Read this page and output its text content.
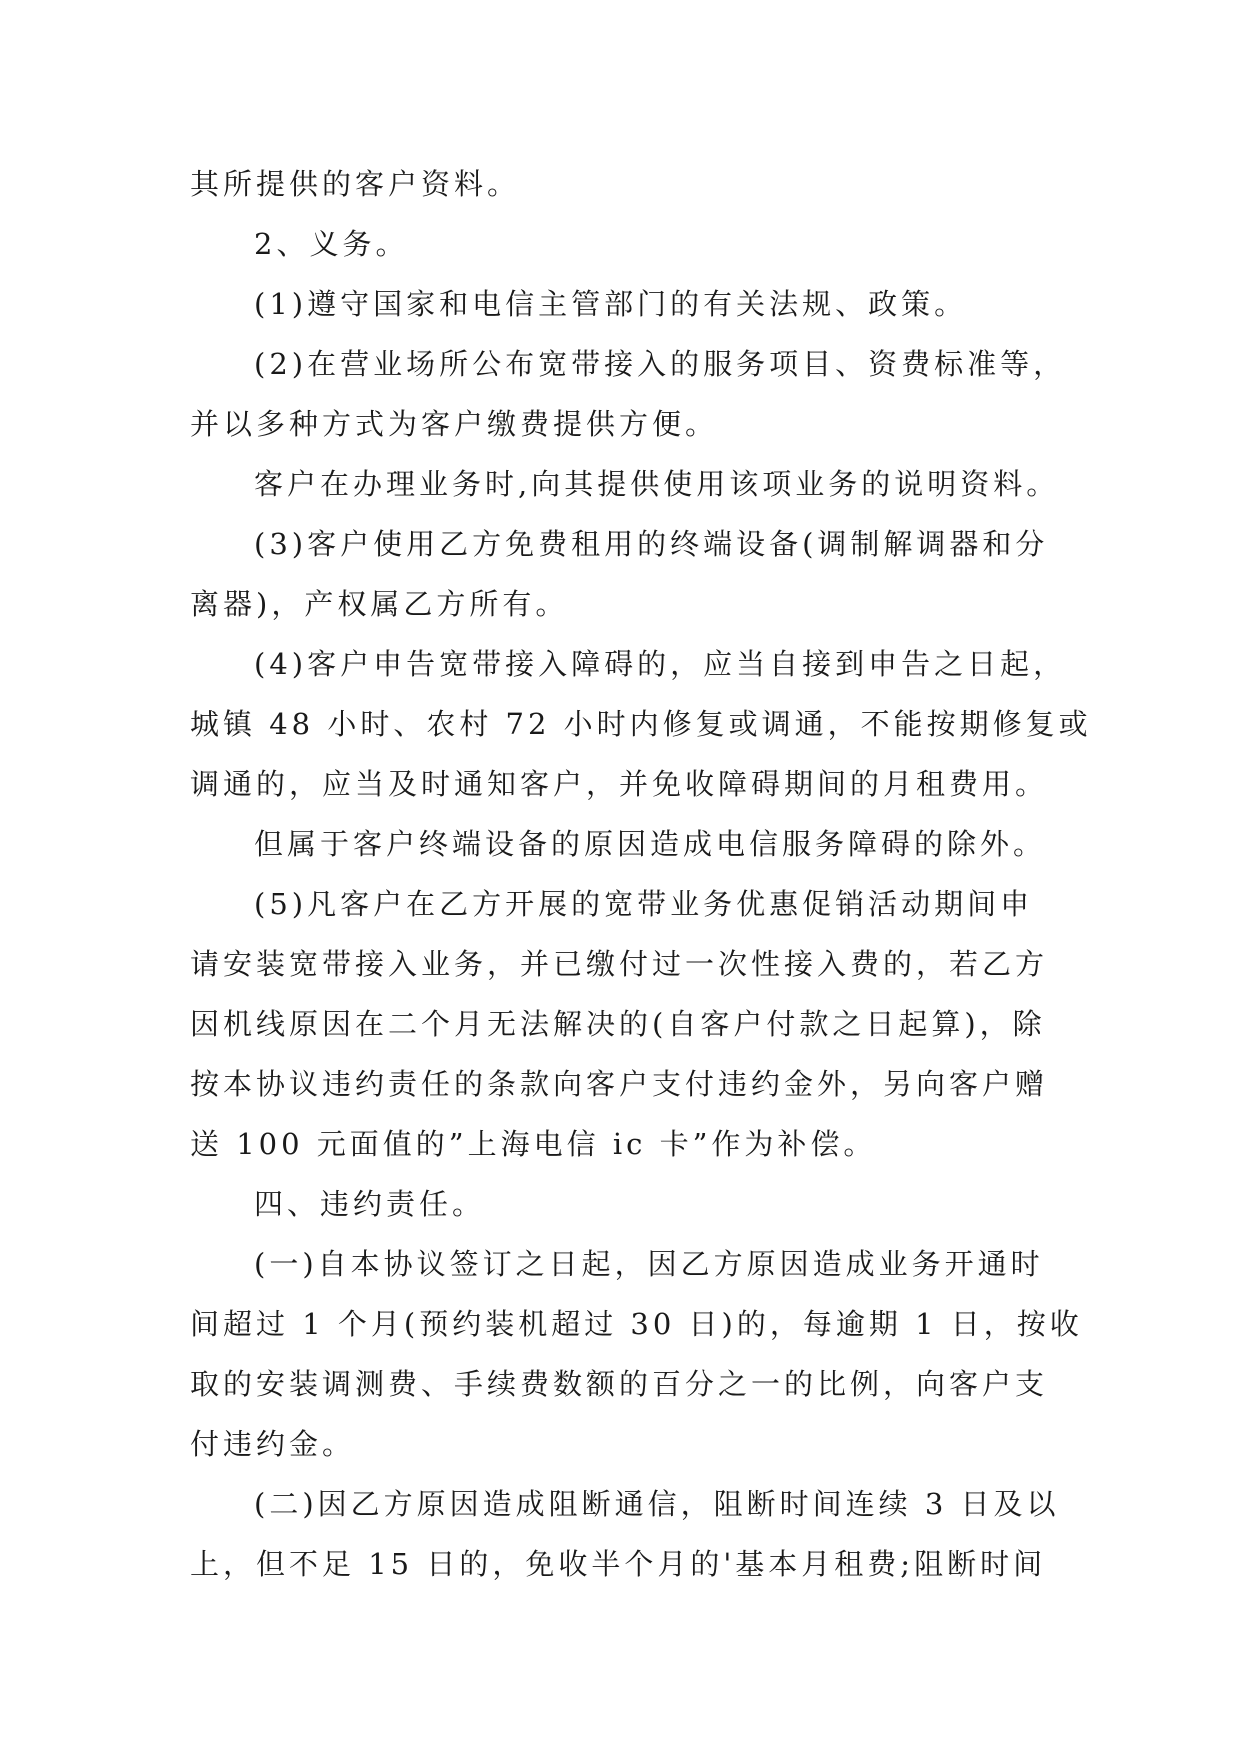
其所提供的客户资料。
2、义务。
(1)遵守国家和电信主管部门的有关法规、政策。
(2)在营业场所公布宽带接入的服务项目、资费标准等，
并以多种方式为客户缴费提供方便。
客户在办理业务时,向其提供使用该项业务的说明资料。
(3)客户使用乙方免费租用的终端设备(调制解调器和分
离器)，产权属乙方所有。
(4)客户申告宽带接入障碍的，应当自接到申告之日起，
城镇 48 小时、农村 72 小时内修复或调通，不能按期修复或
调通的，应当及时通知客户，并免收障碍期间的月租费用。
但属于客户终端设备的原因造成电信服务障碍的除外。
(5)凡客户在乙方开展的宽带业务优惠促销活动期间申
请安装宽带接入业务，并已缴付过一次性接入费的，若乙方
因机线原因在二个月无法解决的(自客户付款之日起算)，除
按本协议违约责任的条款向客户支付违约金外，另向客户赠
送 100 元面值的”上海电信 ic 卡”作为补偿。
四、违约责任。
(一)自本协议签订之日起，因乙方原因造成业务开通时
间超过 1 个月(预约装机超过 30 日)的，每逾期 1 日，按收
取的安装调测费、手续费数额的百分之一的比例，向客户支
付违约金。
(二)因乙方原因造成阻断通信，阻断时间连续 3 日及以
上，但不足 15 日的，免收半个月的'基本月租费;阻断时间
